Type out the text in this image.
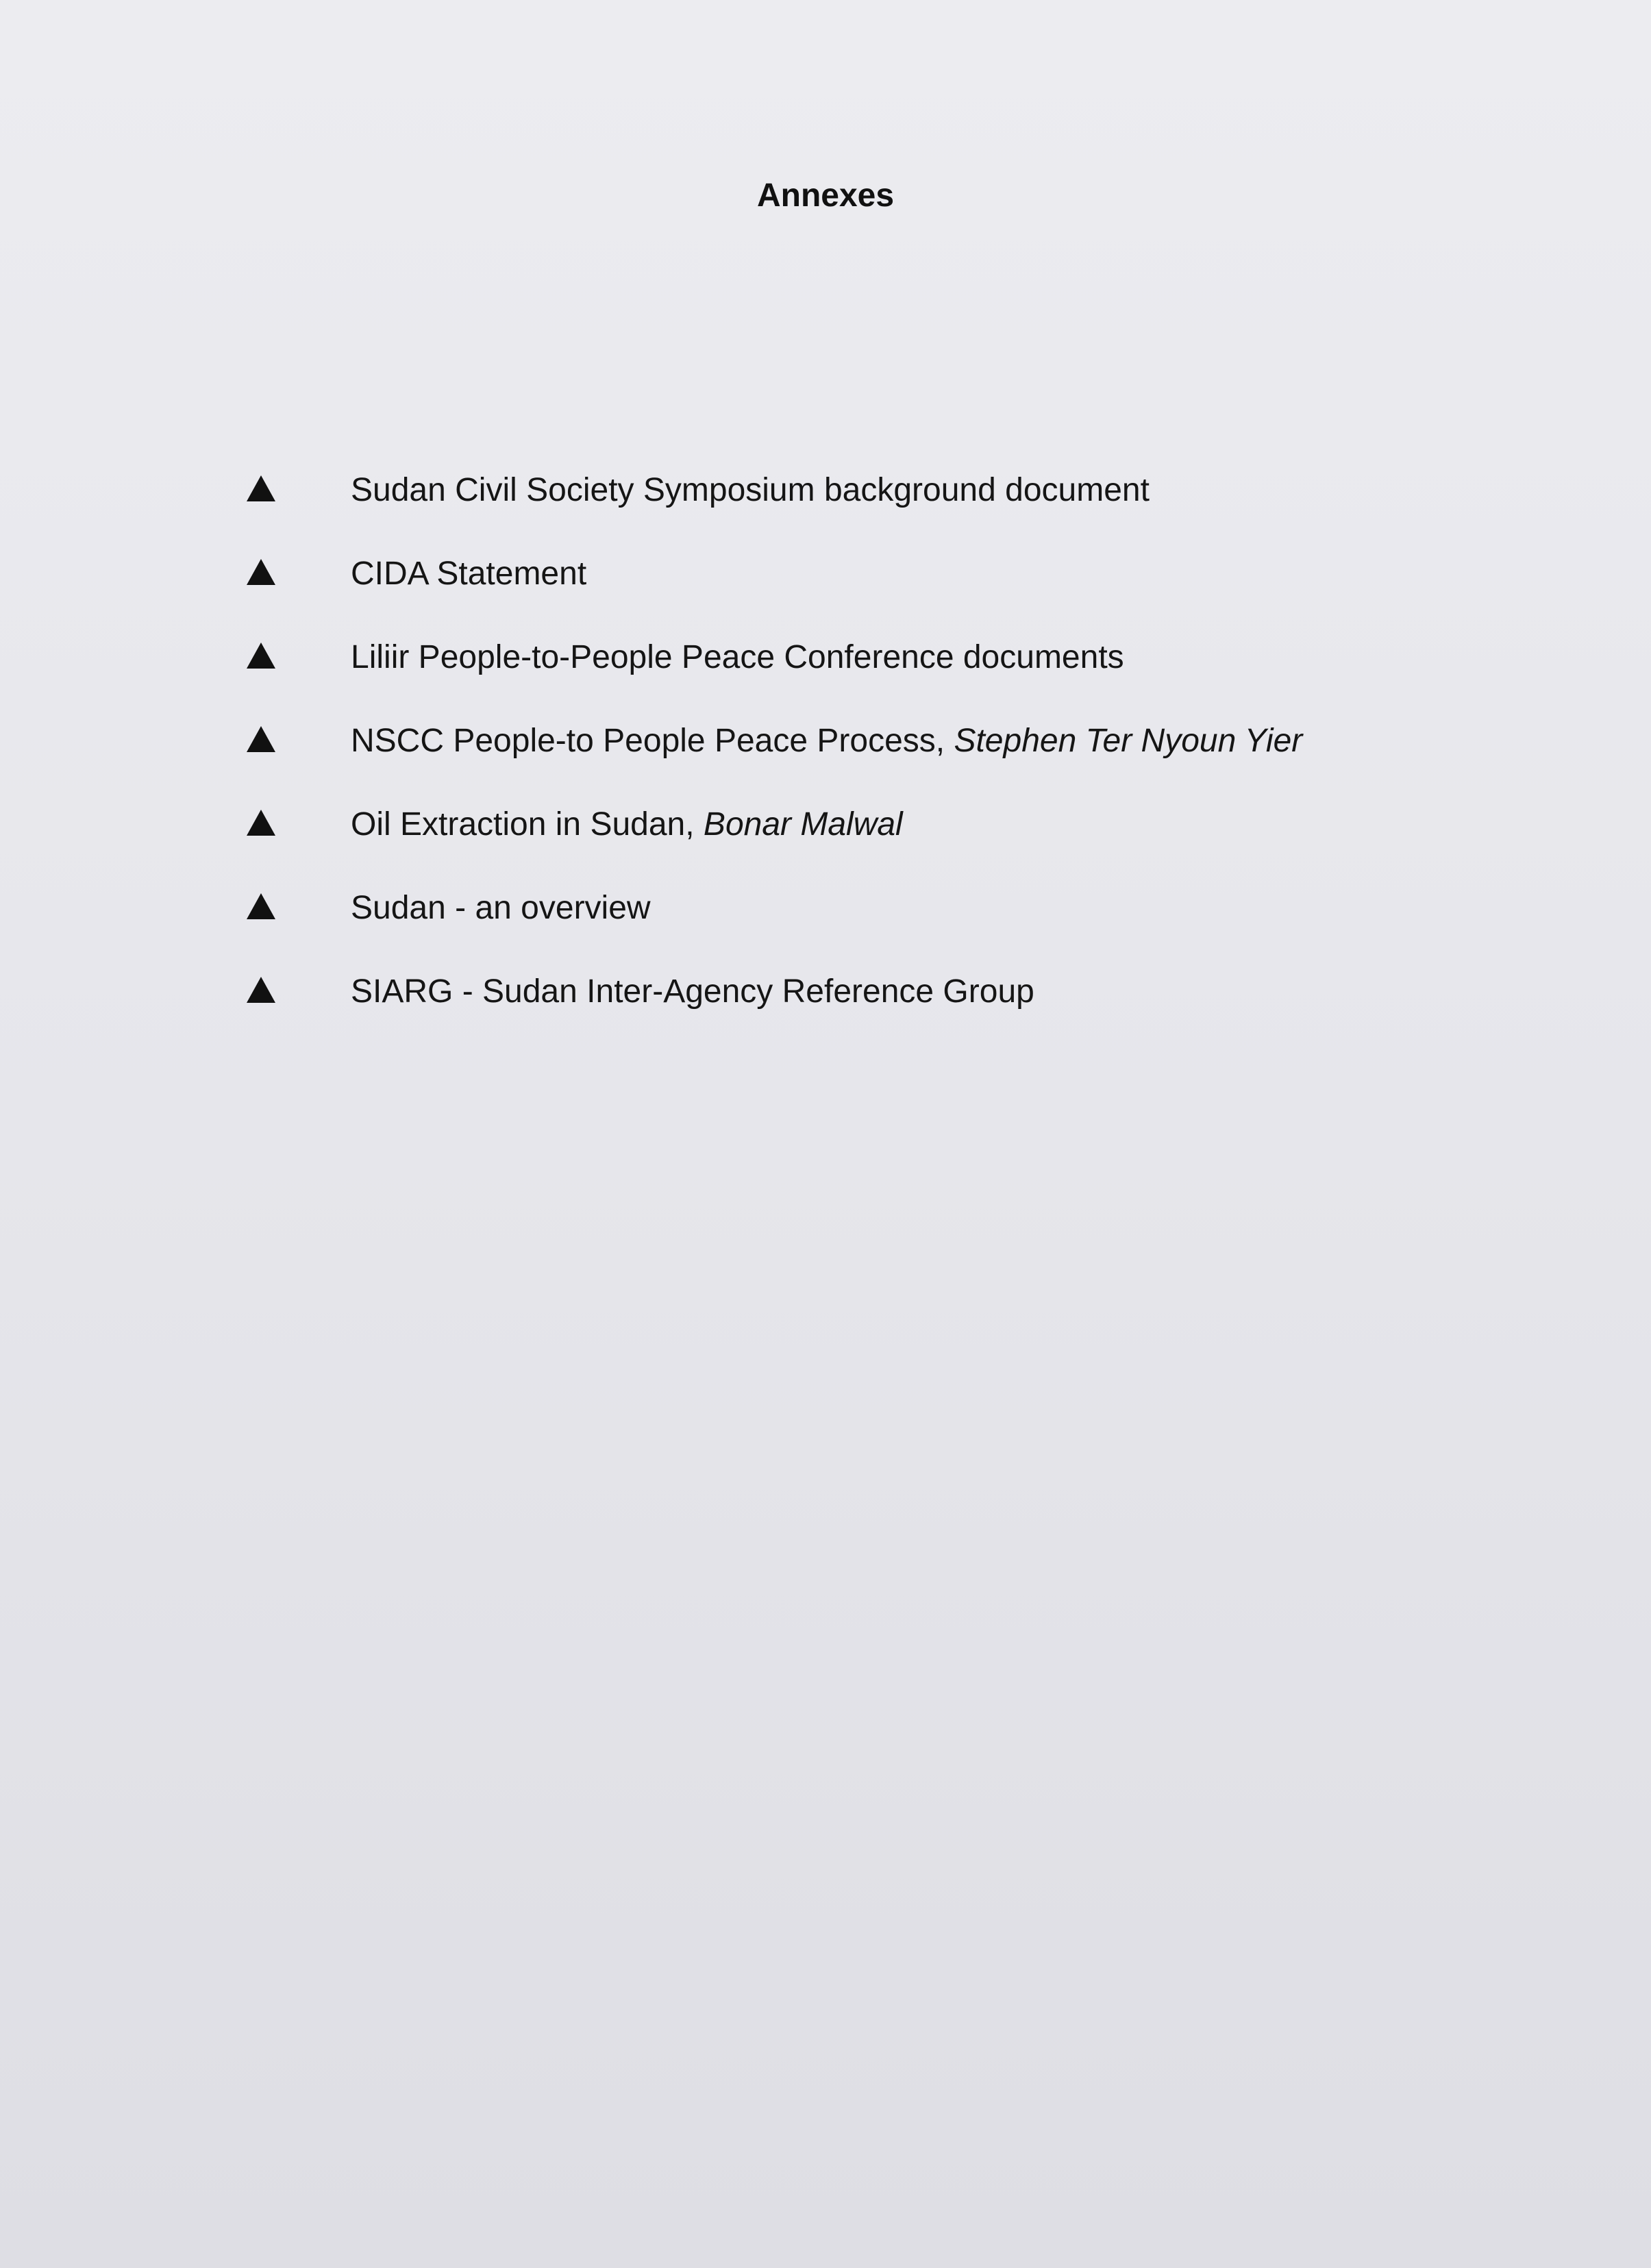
Annexes
Sudan Civil Society Symposium background document
CIDA Statement
Liliir People-to-People Peace Conference documents
NSCC People-to People Peace Process, Stephen Ter Nyoun Yier
Oil Extraction in Sudan, Bonar Malwal
Sudan - an overview
SIARG - Sudan Inter-Agency Reference Group
